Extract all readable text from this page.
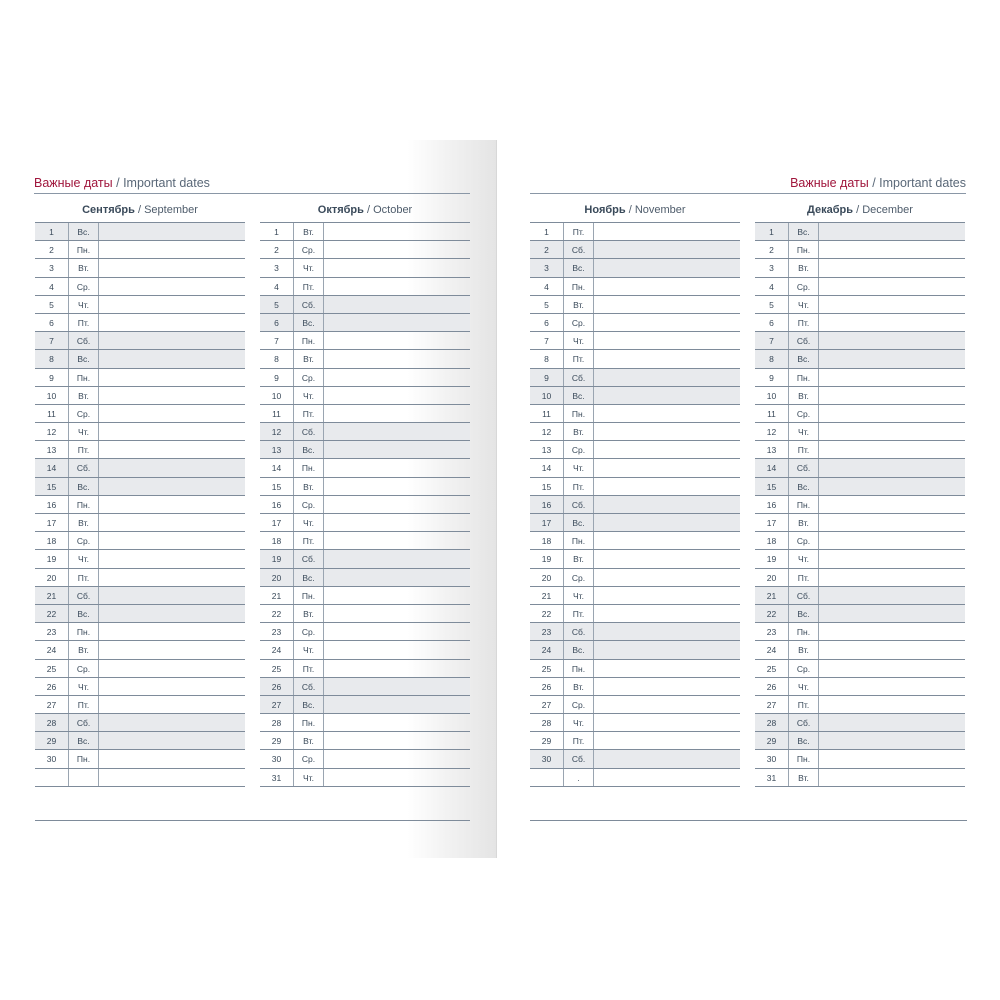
Важные даты / Important dates
Сентябрь / September
1	Вс.
2	Пн.
3	Вт.
4	Ср.
5	Чт.
6	Пт.
7	Сб.
8	Вс.
9	Пн.
10	Вт.
11	Ср.
12	Чт.
13	Пт.
14	Сб.
15	Вс.
16	Пн.
17	Вт.
18	Ср.
19	Чт.
20	Пт.
21	Сб.
22	Вс.
23	Пн.
24	Вт.
25	Ср.
26	Чт.
27	Пт.
28	Сб.
29	Вс.
30	Пн.
Октябрь / October
1	Вт.
2	Ср.
3	Чт.
4	Пт.
5	Сб.
6	Вс.
7	Пн.
8	Вт.
9	Ср.
10	Чт.
11	Пт.
12	Сб.
13	Вс.
14	Пн.
15	Вт.
16	Ср.
17	Чт.
18	Пт.
19	Сб.
20	Вс.
21	Пн.
22	Вт.
23	Ср.
24	Чт.
25	Пт.
26	Сб.
27	Вс.
28	Пн.
29	Вт.
30	Ср.
31	Чт.
Важные даты / Important dates
Ноябрь / November
1	Пт.
2	Сб.
3	Вс.
4	Пн.
5	Вт.
6	Ср.
7	Чт.
8	Пт.
9	Сб.
10	Вс.
11	Пн.
12	Вт.
13	Ср.
14	Чт.
15	Пт.
16	Сб.
17	Вс.
18	Пн.
19	Вт.
20	Ср.
21	Чт.
22	Пт.
23	Сб.
24	Вс.
25	Пн.
26	Вт.
27	Ср.
28	Чт.
29	Пт.
30	Сб.
.
Декабрь / December
1	Вс.
2	Пн.
3	Вт.
4	Ср.
5	Чт.
6	Пт.
7	Сб.
8	Вс.
9	Пн.
10	Вт.
11	Ср.
12	Чт.
13	Пт.
14	Сб.
15	Вс.
16	Пн.
17	Вт.
18	Ср.
19	Чт.
20	Пт.
21	Сб.
22	Вс.
23	Пн.
24	Вт.
25	Ср.
26	Чт.
27	Пт.
28	Сб.
29	Вс.
30	Пн.
31	Вт.
